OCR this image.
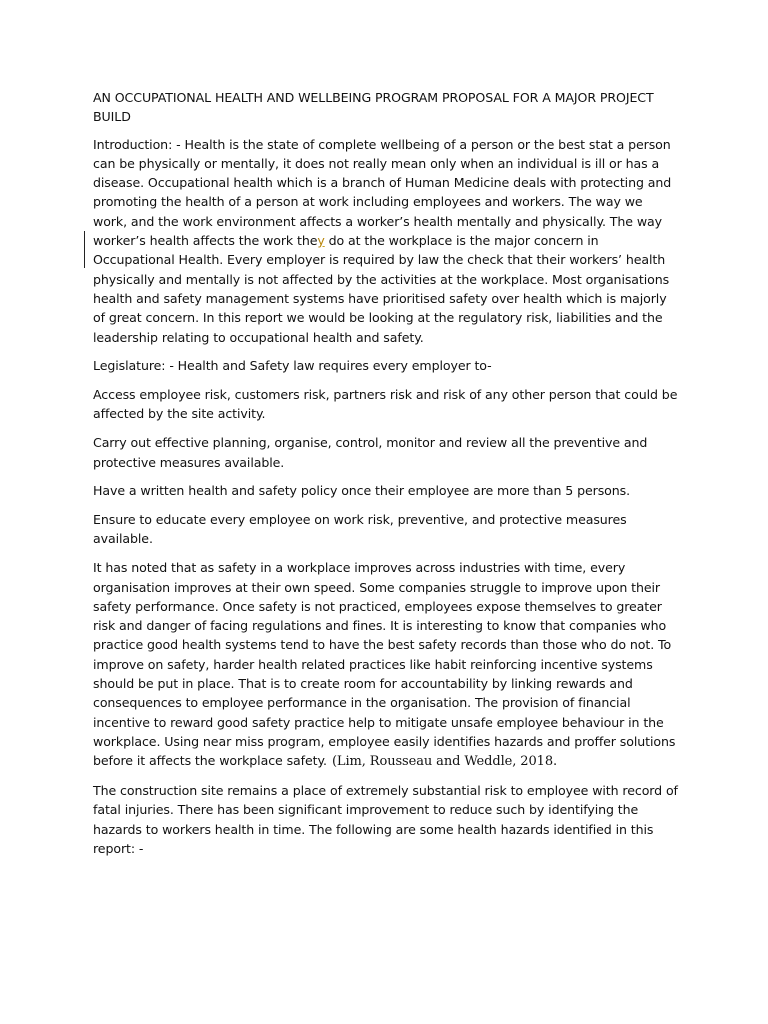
AN OCCUPATIONAL HEALTH AND WELLBEING PROGRAM PROPOSAL FOR A MAJOR PROJECT BUILD

Introduction: - Health is the state of complete wellbeing of a person or the best stat a person can be physically or mentally, it does not really mean only when an individual is ill or has a disease. Occupational health which is a branch of Human Medicine deals with protecting and promoting the health of a person at work including employees and workers. The way we work, and the work environment affects a worker’s health mentally and physically. The way worker’s health affects the work they do at the workplace is the major concern in Occupational Health. Every employer is required by law the check that their workers’ health physically and mentally is not affected by the activities at the workplace. Most organisations health and safety management systems have prioritised safety over health which is majorly of great concern. In this report we would be looking at the regulatory risk, liabilities and the leadership relating to occupational health and safety.

Legislature: - Health and Safety law requires every employer to-

Access employee risk, customers risk, partners risk and risk of any other person that could be affected by the site activity.

Carry out effective planning, organise, control, monitor and review all the preventive and protective measures available.

Have a written health and safety policy once their employee are more than 5 persons.

Ensure to educate every employee on work risk, preventive, and protective measures available.

It has noted that as safety in a workplace improves across industries with time, every organisation improves at their own speed. Some companies struggle to improve upon their safety performance. Once safety is not practiced, employees expose themselves to greater risk and danger of facing regulations and fines. It is interesting to know that companies who practice good health systems tend to have the best safety records than those who do not. To improve on safety, harder health related practices like habit reinforcing incentive systems should be put in place. That is to create room for accountability by linking rewards and consequences to employee performance in the organisation. The provision of financial incentive to reward good safety practice help to mitigate unsafe employee behaviour in the workplace. Using near miss program, employee easily identifies hazards and proffer solutions before it affects the workplace safety. (Lim, Rousseau and Weddle, 2018.

The construction site remains a place of extremely substantial risk to employee with record of fatal injuries. There has been significant improvement to reduce such by identifying the hazards to workers health in time. The following are some health hazards identified in this report: -
